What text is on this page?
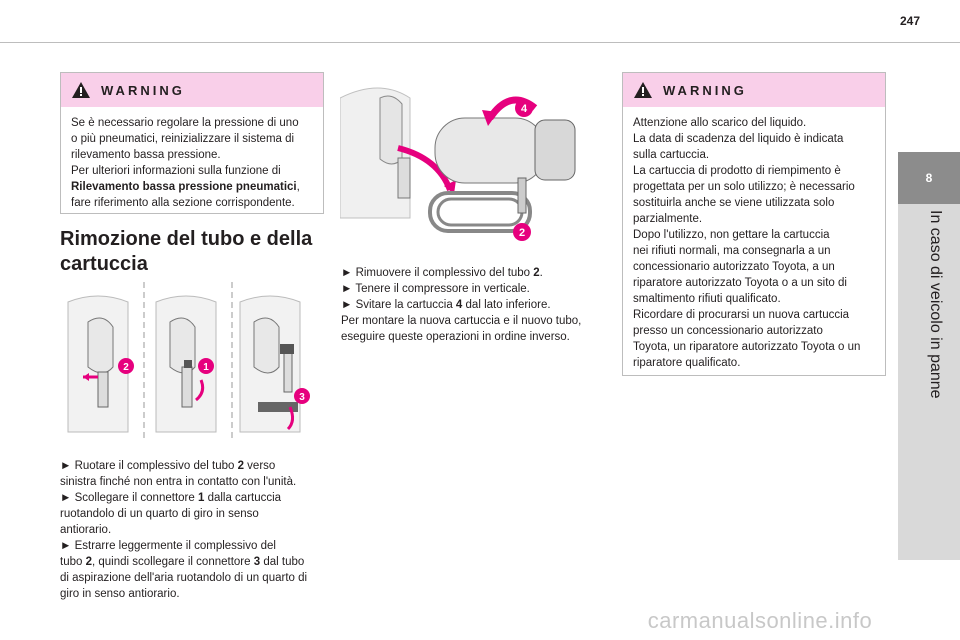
247
8
In caso di veicolo in panne
WARNING

Se è necessario regolare la pressione di uno

o più pneumatici, reinizializzare il sistema di

rilevamento bassa pressione.

Per ulteriori informazioni sulla funzione di

Rilevamento bassa pressione pneumatici,

fare riferimento alla sezione corrispondente.

Rimozione del tubo e della
cartuccia
2	1
3

► Ruotare il complessivo del tubo 2 verso

sinistra finché non entra in contatto con l'unità.

► Scollegare il connettore 1 dalla cartuccia

ruotandolo di un quarto di giro in senso

antiorario.

► Estrarre leggermente il complessivo del

tubo 2, quindi scollegare il connettore 3 dal tubo

di aspirazione dell'aria ruotandolo di un quarto di

giro in senso antiorario.

4
2

► Rimuovere il complessivo del tubo 2.

► Tenere il compressore in verticale.

► Svitare la cartuccia 4 dal lato inferiore.

Per montare la nuova cartuccia e il nuovo tubo,

eseguire queste operazioni in ordine inverso.

WARNING

Attenzione allo scarico del liquido.

La data di scadenza del liquido è indicata

sulla cartuccia.

La cartuccia di prodotto di riempimento è

progettata per un solo utilizzo; è necessario

sostituirla anche se viene utilizzata solo

parzialmente.

Dopo l'utilizzo, non gettare la cartuccia

nei rifiuti normali, ma consegnarla a un

concessionario autorizzato Toyota, a un

riparatore autorizzato Toyota o a un sito di

smaltimento rifiuti qualificato.

Ricordare di procurarsi un nuova cartuccia

presso un concessionario autorizzato

Toyota, un riparatore autorizzato Toyota o un

riparatore qualificato.

carmanualsonline.info
